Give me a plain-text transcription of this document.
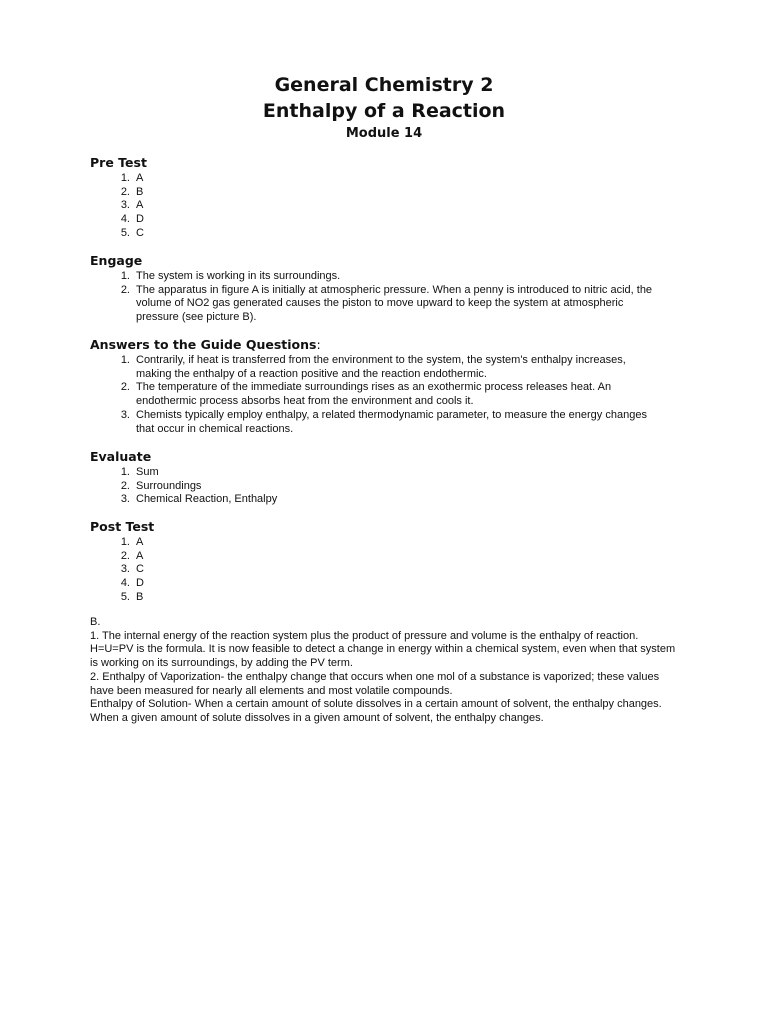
General Chemistry 2
Enthalpy of a Reaction
Module 14
Pre Test
1. A
2. B
3. A
4. D
5. C
Engage
1. The system is working in its surroundings.
2. The apparatus in figure A is initially at atmospheric pressure. When a penny is introduced to nitric acid, the volume of NO2 gas generated causes the piston to move upward to keep the system at atmospheric pressure (see picture B).
Answers to the Guide Questions:
1. Contrarily, if heat is transferred from the environment to the system, the system's enthalpy increases, making the enthalpy of a reaction positive and the reaction endothermic.
2. The temperature of the immediate surroundings rises as an exothermic process releases heat. An endothermic process absorbs heat from the environment and cools it.
3. Chemists typically employ enthalpy, a related thermodynamic parameter, to measure the energy changes that occur in chemical reactions.
Evaluate
1. Sum
2. Surroundings
3. Chemical Reaction, Enthalpy
Post Test
1. A
2. A
3. C
4. D
5. B

B.

1. The internal energy of the reaction system plus the product of pressure and volume is the enthalpy of reaction. H=U=PV is the formula. It is now feasible to detect a change in energy within a chemical system, even when that system is working on its surroundings, by adding the PV term.

2. Enthalpy of Vaporization- the enthalpy change that occurs when one mol of a substance is vaporized; these values have been measured for nearly all elements and most volatile compounds.

Enthalpy of Solution- When a certain amount of solute dissolves in a certain amount of solvent, the enthalpy changes. When a given amount of solute dissolves in a given amount of solvent, the enthalpy changes.
